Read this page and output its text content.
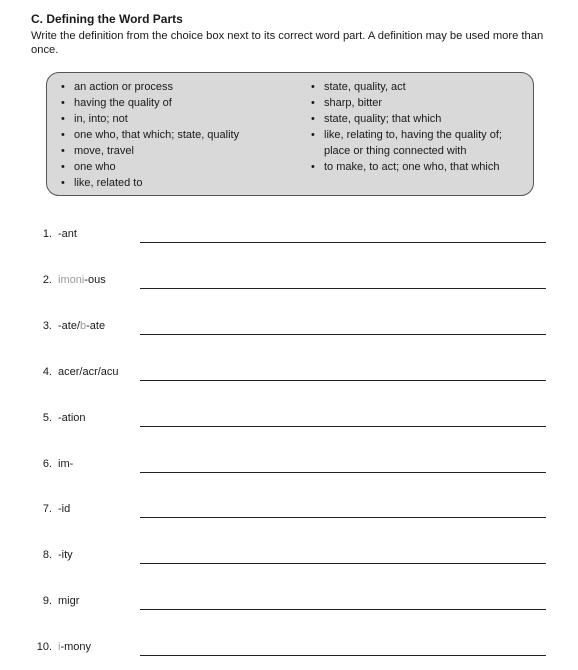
C. Defining the Word Parts
Write the definition from the choice box next to its correct word part. A definition may be used more than once.
• an action or process
• having the quality of
• in, into; not
• one who, that which; state, quality
• move, travel
• one who
• like, related to
• state, quality, act
• sharp, bitter
• state, quality; that which
• like, relating to, having the quality of; place or thing connected with
• to make, to act; one who, that which
1. -ant
2. imoni-ous
3. -ate/b-ate
4. acer/acr/acu
5. -ation
6. im-
7. -id
8. -ity
9. migr
10. i-mony
